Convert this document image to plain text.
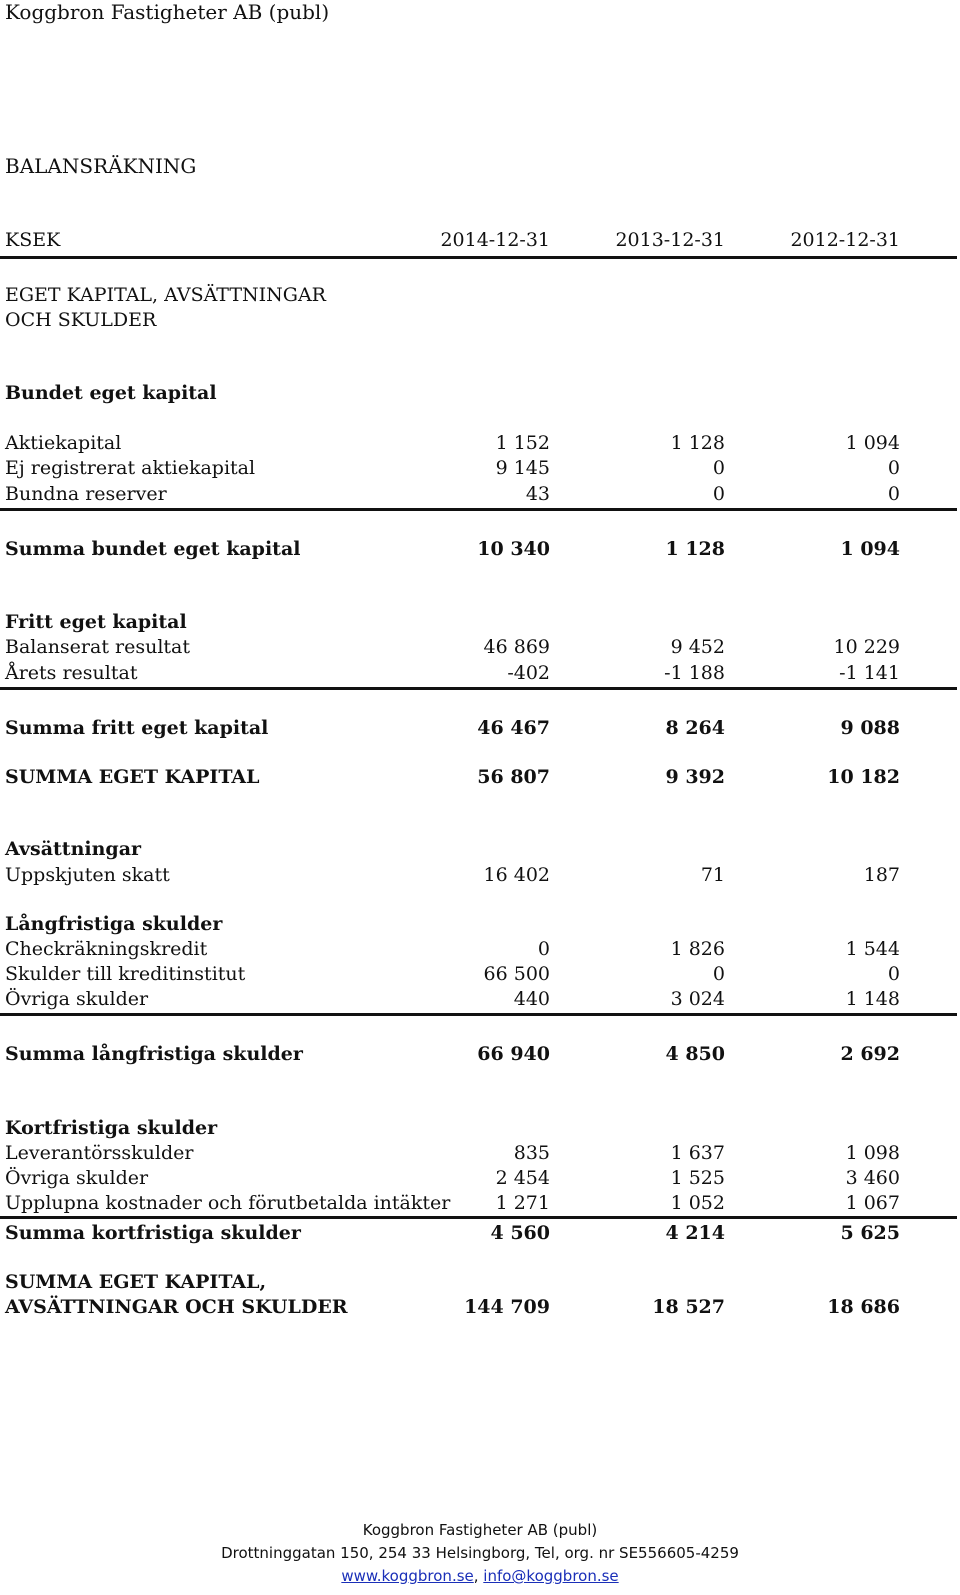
Koggbron Fastigheter AB (publ)
BALANSRÄKNING
KSEK	2014-12-31	2013-12-31	2012-12-31
EGET KAPITAL, AVSÄTTNINGAR
OCH SKULDER
Bundet eget kapital
Aktiekapital	1 152	1 128	1 094
Ej registrerat aktiekapital	9 145	0	0
Bundna reserver	43	0	0
Summa bundet eget kapital	10 340	1 128	1 094
Fritt eget kapital
Balanserat resultat	46 869	9 452	10 229
Årets resultat	-402	-1 188	-1 141
Summa fritt eget kapital	46 467	8 264	9 088
SUMMA EGET KAPITAL	56 807	9 392	10 182
Avsättningar
Uppskjuten skatt	16 402	71	187
Långfristiga skulder
Checkräkningskredit	0	1 826	1 544
Skulder till kreditinstitut	66 500	0	0
Övriga skulder	440	3 024	1 148
Summa långfristiga skulder	66 940	4 850	2 692
Kortfristiga skulder
Leverantörsskulder	835	1 637	1 098
Övriga skulder	2 454	1 525	3 460
Upplupna kostnader och förutbetalda intäkter	1 271	1 052	1 067
Summa kortfristiga skulder	4 560	4 214	5 625
SUMMA EGET KAPITAL,
AVSÄTTNINGAR OCH SKULDER	144 709	18 527	18 686
Koggbron Fastigheter AB (publ)
Drottninggatan 150, 254 33 Helsingborg, Tel, org. nr SE556605-4259
www.koggbron.se, info@koggbron.se
